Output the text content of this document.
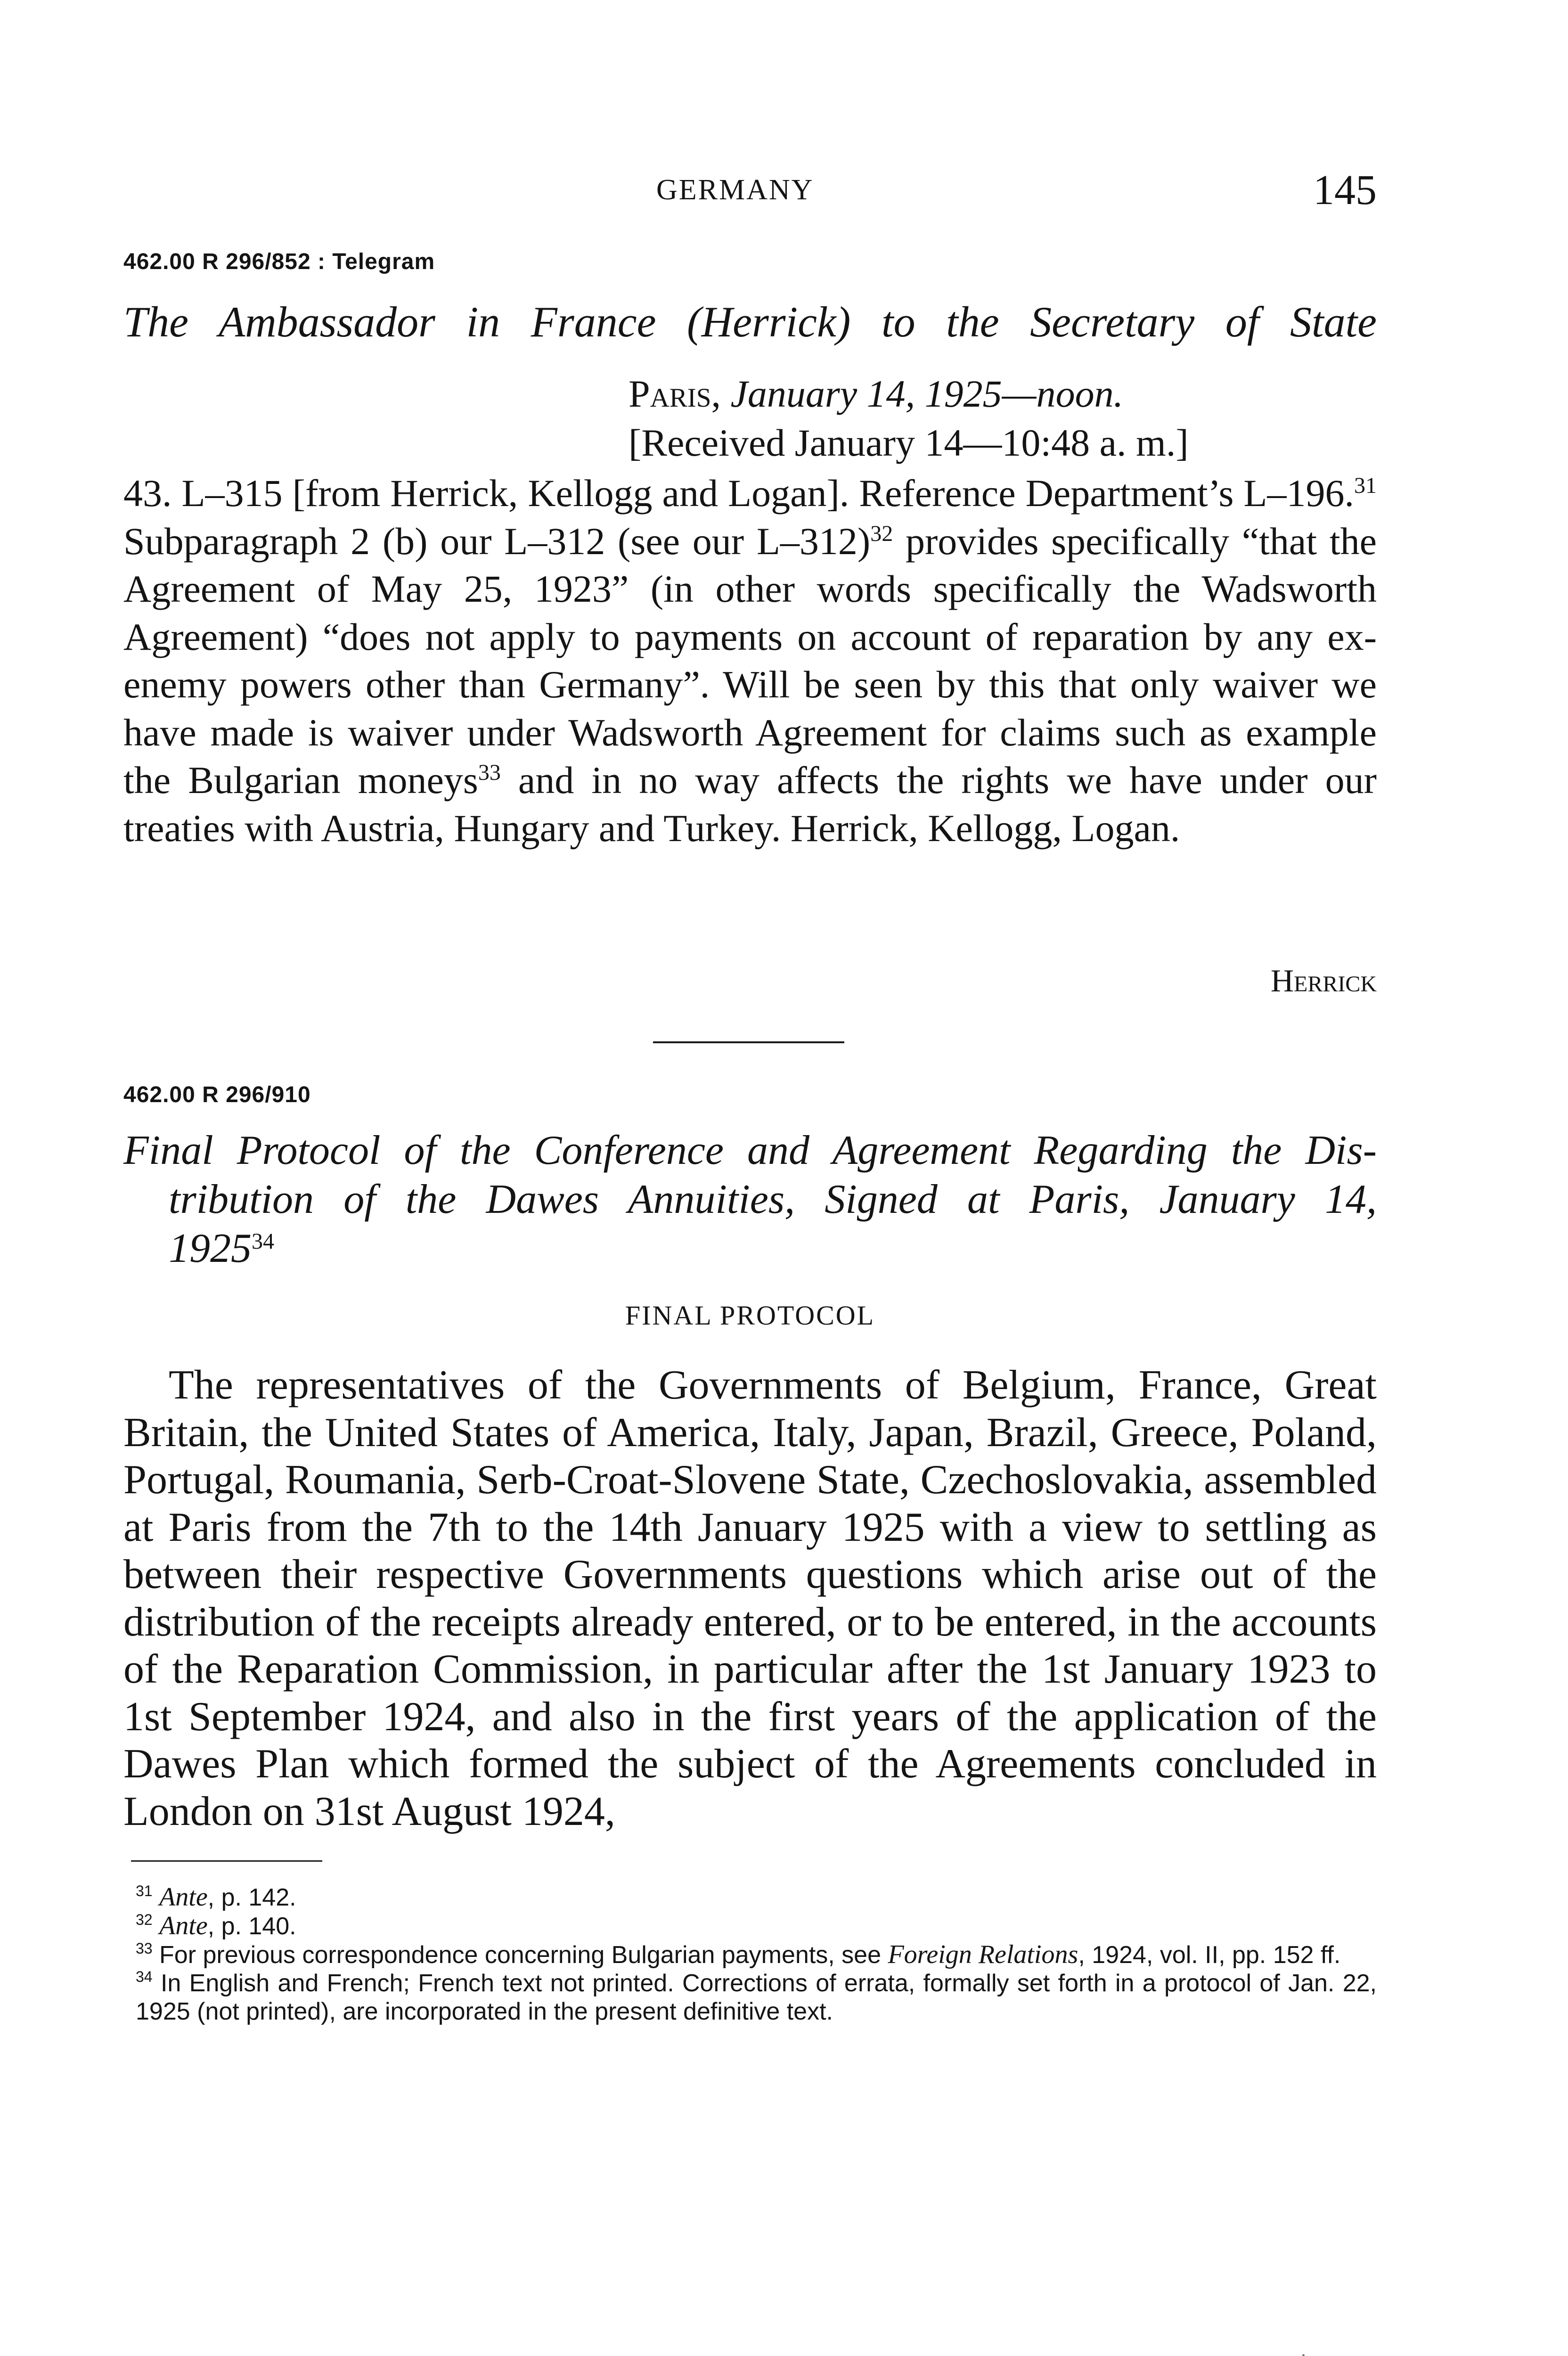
GERMANY	145
462.00 R 296/852 : Telegram
The Ambassador in France (Herrick) to the Secretary of State
Paris, January 14, 1925—noon.
[Received January 14—10:48 a. m.]
43. L–315 [from Herrick, Kellogg and Logan]. Reference Department’s L–196.31 Subparagraph 2 (b) our L–312 (see our L–312)$^{32}$ provides specifically “that the Agreement of May 25, 1923” (in other words specifically the Wadsworth Agreement) “does not apply to payments on account of reparation by any ex-enemy powers other than Germany”. Will be seen by this that only waiver we have made is waiver under Wadsworth Agreement for claims such as example the Bulgarian moneys$^{33}$ and in no way affects the rights we have under our treaties with Austria, Hungary and Turkey. Herrick, Kellogg, Logan.
Herrick
462.00 R 296/910
Final Protocol of the Conference and Agreement Regarding the Dis-
tribution of the Dawes Annuities, Signed at Paris, January 14,
1925$^{34}$
FINAL PROTOCOL
The representatives of the Governments of Belgium, France, Great Britain, the United States of America, Italy, Japan, Brazil, Greece, Poland, Portugal, Roumania, Serb-Croat-Slovene State, Czechoslovakia, assembled at Paris from the 7th to the 14th January 1925 with a view to settling as between their respective Governments questions which arise out of the distribution of the receipts already entered, or to be entered, in the accounts of the Reparation Commission, in particular after the 1st January 1923 to 1st September 1924, and also in the first years of the application of the Dawes Plan which formed the subject of the Agreements concluded in London on 31st August 1924,
$^{31}$ Ante, p. 142.
$^{32}$ Ante, p. 140.
$^{33}$ For previous correspondence concerning Bulgarian payments, see Foreign Relations, 1924, vol. II, pp. 152 ff.
$^{34}$ In English and French; French text not printed. Corrections of errata, formally set forth in a protocol of Jan. 22, 1925 (not printed), are incorporated in the present definitive text.
